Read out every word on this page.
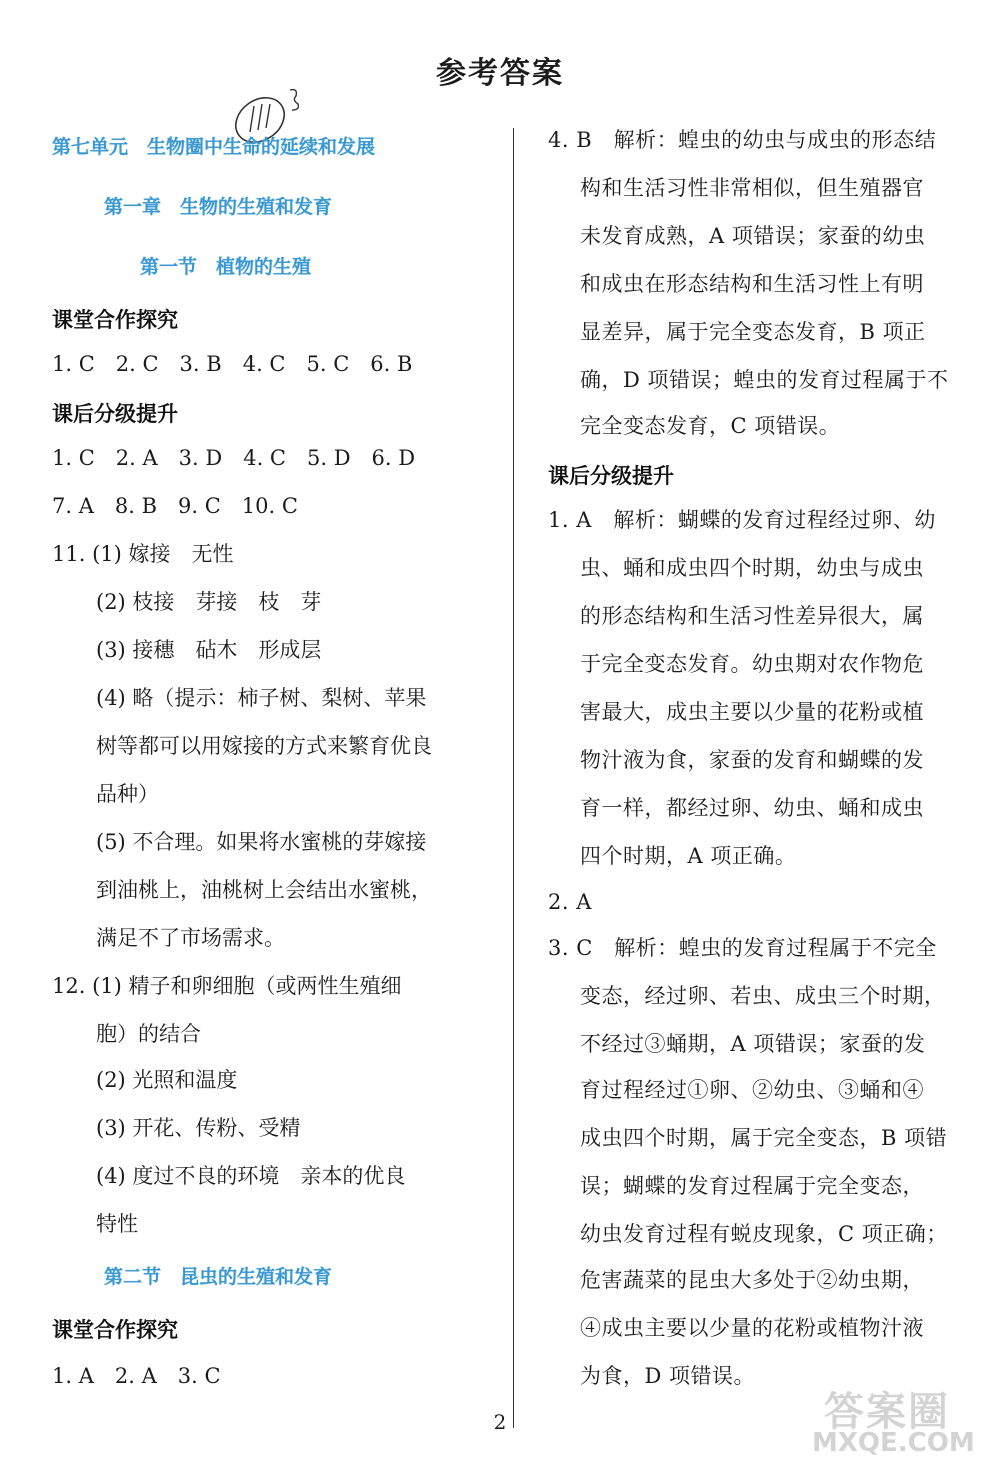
参考答案
第七单元　生物圈中生命的延续和发展
第一章　生物的生殖和发育
第一节　植物的生殖
课堂合作探究
1. C　2. C　3. B　4. C　5. C　6. B
课后分级提升
1. C　2. A　3. D　4. C　5. D　6. D
7. A　8. B　9. C　10. C
11. (1) 嫁接　无性
(2) 枝接　芽接　枝　芽
(3) 接穗　砧木　形成层
(4) 略（提示：柿子树、梨树、苹果
树等都可以用嫁接的方式来繁育优良
品种）
(5) 不合理。如果将水蜜桃的芽嫁接
到油桃上，油桃树上会结出水蜜桃，
满足不了市场需求。
12. (1) 精子和卵细胞（或两性生殖细
胞）的结合
(2) 光照和温度
(3) 开花、传粉、受精
(4) 度过不良的环境　亲本的优良
特性
第二节　昆虫的生殖和发育
课堂合作探究
1. A　2. A　3. C
4. B　解析：蝗虫的幼虫与成虫的形态结
构和生活习性非常相似，但生殖器官
未发育成熟，A 项错误；家蚕的幼虫
和成虫在形态结构和生活习性上有明
显差异，属于完全变态发育，B 项正
确，D 项错误；蝗虫的发育过程属于不
完全变态发育，C 项错误。
课后分级提升
1. A　解析：蝴蝶的发育过程经过卵、幼
虫、蛹和成虫四个时期，幼虫与成虫
的形态结构和生活习性差异很大，属
于完全变态发育。幼虫期对农作物危
害最大，成虫主要以少量的花粉或植
物汁液为食，家蚕的发育和蝴蝶的发
育一样，都经过卵、幼虫、蛹和成虫
四个时期，A 项正确。
2. A
3. C　解析：蝗虫的发育过程属于不完全
变态，经过卵、若虫、成虫三个时期，
不经过③蛹期，A 项错误；家蚕的发
育过程经过①卵、②幼虫、③蛹和④
成虫四个时期，属于完全变态，B 项错
误；蝴蝶的发育过程属于完全变态，
幼虫发育过程有蜕皮现象，C 项正确；
危害蔬菜的昆虫大多处于②幼虫期，
④成虫主要以少量的花粉或植物汁液
为食，D 项错误。
2	答案圈
MXQE.COM
